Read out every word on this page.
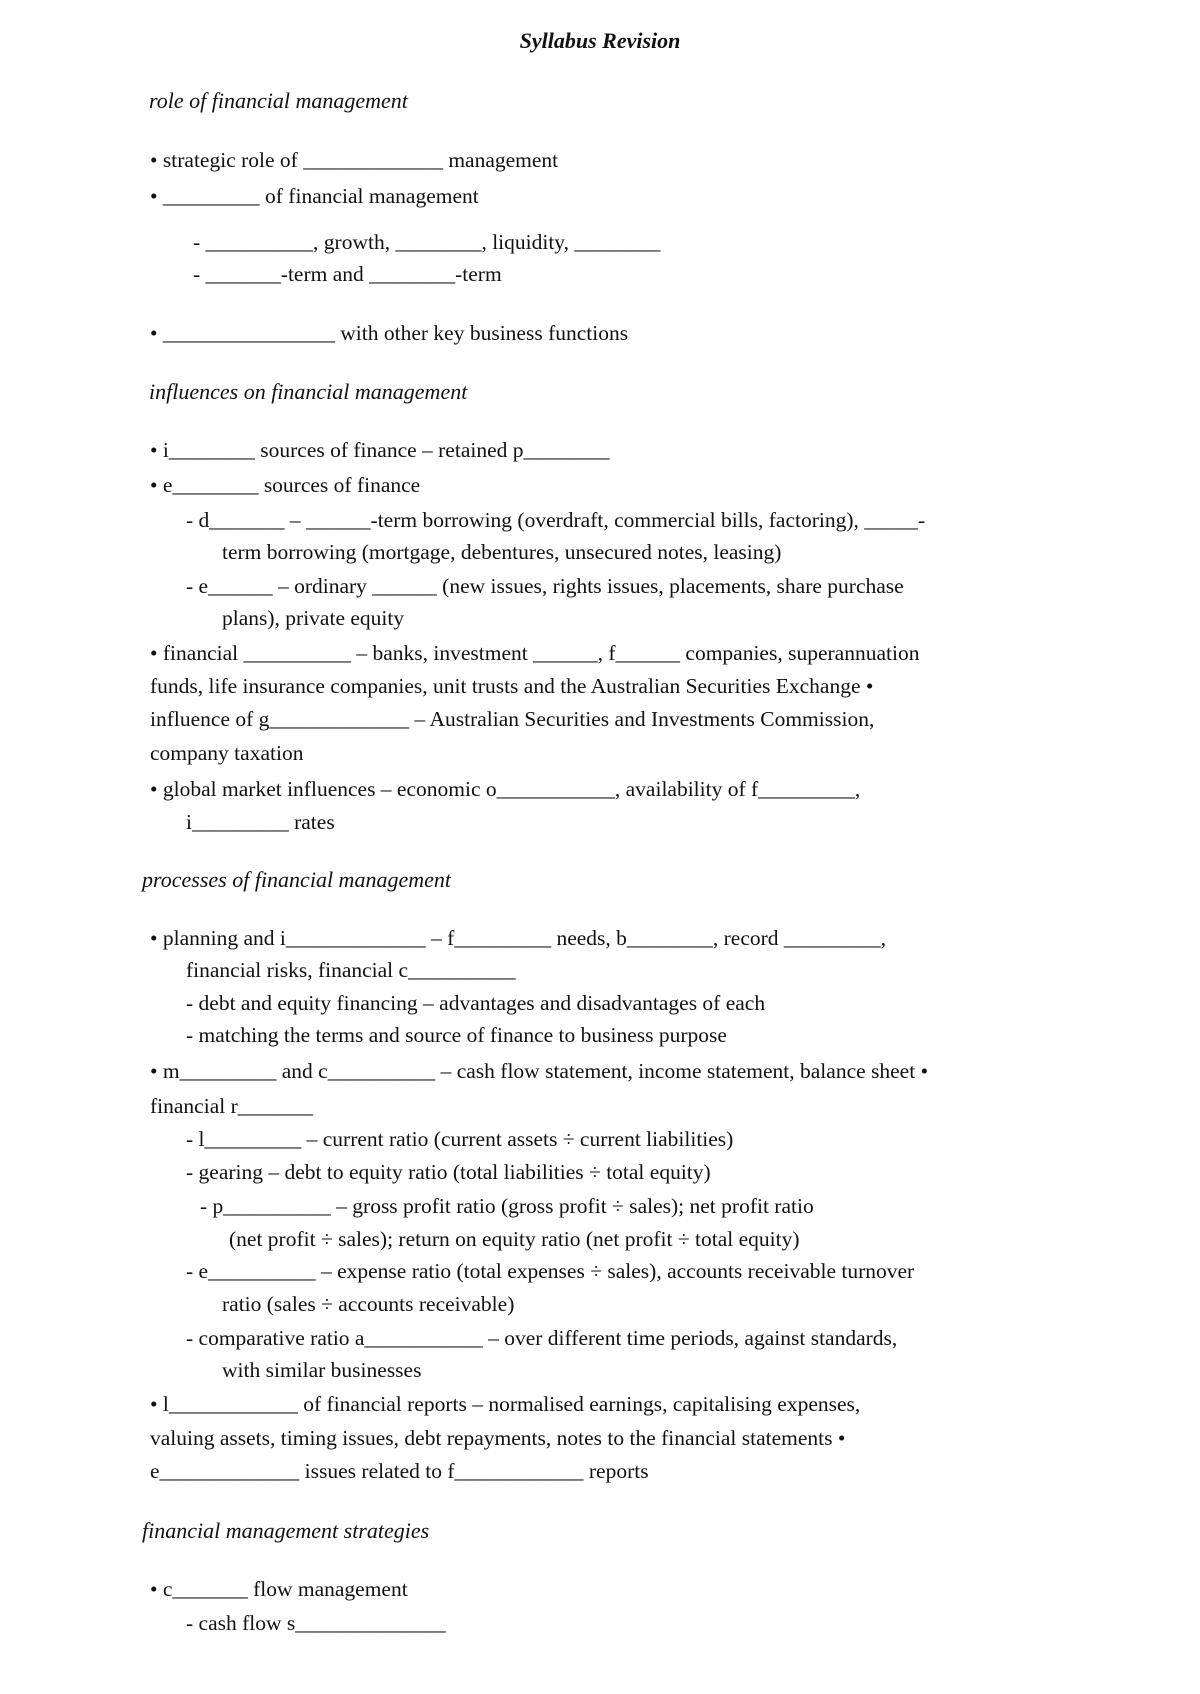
Syllabus Revision
role of financial management
• strategic role of _____________ management
• _________ of financial management
- __________, growth, ________, liquidity, ________
- _______-term and ________-term
• ________________ with other key business functions
influences on financial management
• i________ sources of finance – retained p________
• e________ sources of finance
- d_______ – ______-term borrowing (overdraft, commercial bills, factoring), _____-
term borrowing (mortgage, debentures, unsecured notes, leasing)
- e______ – ordinary ______ (new issues, rights issues, placements, share purchase
plans), private equity
• financial __________ – banks, investment ______, f______ companies, superannuation
funds, life insurance companies, unit trusts and the Australian Securities Exchange •
influence of g_____________ – Australian Securities and Investments Commission,
company taxation
• global market influences – economic o___________, availability of f_________,
i_________ rates
processes of financial management
• planning and i_____________ – f_________ needs, b________, record _________,
financial risks, financial c__________
- debt and equity financing – advantages and disadvantages of each
- matching the terms and source of finance to business purpose
• m_________ and c__________ – cash flow statement, income statement, balance sheet •
financial r_______
- l_________ – current ratio (current assets ÷ current liabilities)
- gearing – debt to equity ratio (total liabilities ÷ total equity)
- p__________ – gross profit ratio (gross profit ÷ sales); net profit ratio
(net profit ÷ sales); return on equity ratio (net profit ÷ total equity)
- e__________ – expense ratio (total expenses ÷ sales), accounts receivable turnover
ratio (sales ÷ accounts receivable)
- comparative ratio a___________ – over different time periods, against standards,
with similar businesses
• l____________ of financial reports – normalised earnings, capitalising expenses,
valuing assets, timing issues, debt repayments, notes to the financial statements •
e_____________ issues related to f____________ reports
financial management strategies
• c_______ flow management
- cash flow s______________
